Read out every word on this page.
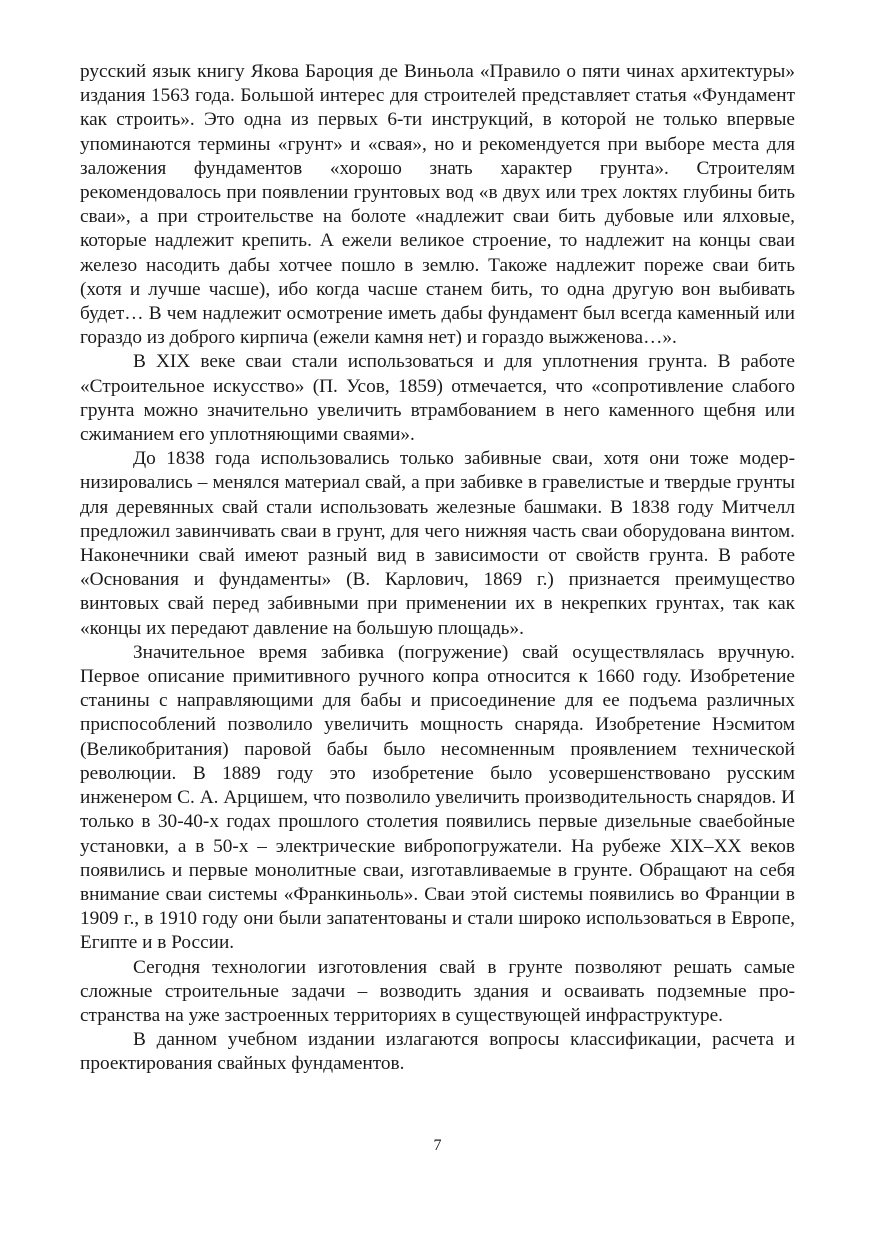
русский язык книгу Якова Бароция де Виньола «Правило о пяти чинах архитектуры» издания 1563 года. Большой интерес для строителей представляет статья «Фундамент как строить». Это одна из первых 6-ти инструкций, в которой не только впервые упоминаются термины «грунт» и «свая», но и рекомендуется при выборе места для заложения фундаментов «хорошо знать характер грунта». Строителям рекомендовалось при появлении грунтовых вод «в двух или трех локтях глубины бить сваи», а при строительстве на болоте «надлежит сваи бить дубовые или ялховые, которые надлежит крепить. А ежели великое строение, то надлежит на концы сваи железо насодить дабы хотчее пошло в землю. Такоже надлежит пореже сваи бить (хотя и лучше часше), ибо когда часше станем бить, то одна другую вон выбивать будет… В чем надлежит осмотрение иметь дабы фундамент был всегда каменный или гораздо из доброго кирпича (ежели камня нет) и гораздо выжженова…».

В XIX веке сваи стали использоваться и для уплотнения грунта. В работе «Строительное искусство» (П. Усов, 1859) отмечается, что «сопротивление слабого грунта можно значительно увеличить втрамбованием в него каменного щебня или сжиманием его уплотняющими сваями».

До 1838 года использовались только забивные сваи, хотя они тоже модернизировались – менялся материал свай, а при забивке в гравелистые и твердые грунты для деревянных свай стали использовать железные башмаки. В 1838 году Митчелл предложил завинчивать сваи в грунт, для чего нижняя часть сваи оборудована винтом. Наконечники свай имеют разный вид в зависимости от свойств грунта. В работе «Основания и фундаменты» (В. Карлович, 1869 г.) признается преимущество винтовых свай перед забивными при применении их в некрепких грунтах, так как «концы их передают давление на большую площадь».

Значительное время забивка (погружение) свай осуществлялась вручную. Первое описание примитивного ручного копра относится к 1660 году. Изобретение станины с направляющими для бабы и присоединение для ее подъема различных приспособлений позволило увеличить мощность снаряда. Изобретение Нэсмитом (Великобритания) паровой бабы было несомненным проявлением технической революции. В 1889 году это изобретение было усовершенствовано русским инженером С. А. Арцишем, что позволило увеличить производительность снарядов. И только в 30-40-х годах прошлого столетия появились первые дизельные сваебойные установки, а в 50-х – электрические вибропогружатели. На рубеже XIX–XX веков появились и первые монолитные сваи, изготавливаемые в грунте. Обращают на себя внимание сваи системы «Франкиньоль». Сваи этой системы появились во Франции в 1909 г., в 1910 году они были запатентованы и стали широко использоваться в Европе, Египте и в России.

Сегодня технологии изготовления свай в грунте позволяют решать самые сложные строительные задачи – возводить здания и осваивать подземные пространства на уже застроенных территориях в существующей инфраструктуре.

В данном учебном издании излагаются вопросы классификации, расчета и проектирования свайных фундаментов.

7
